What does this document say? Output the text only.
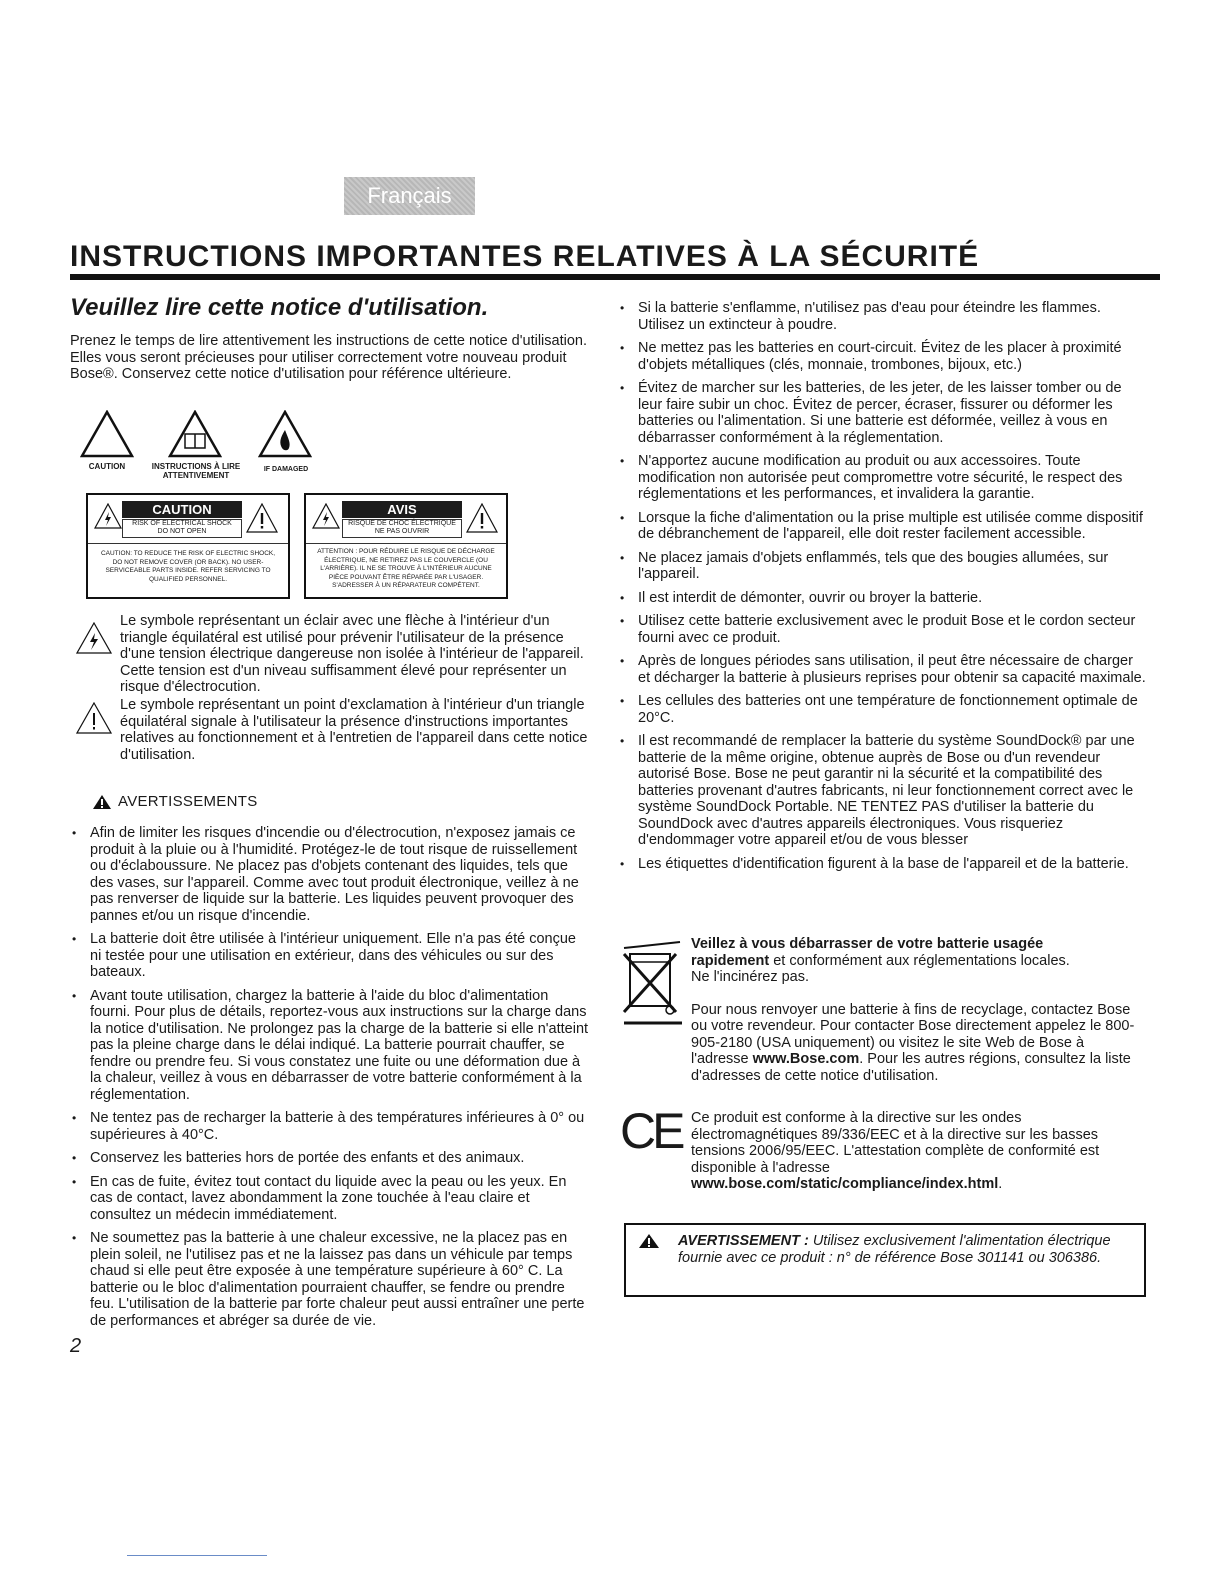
Français
INSTRUCTIONS IMPORTANTES RELATIVES À LA SÉCURITÉ
Veuillez lire cette notice d'utilisation.

Prenez le temps de lire attentivement les instructions de cette notice d'utilisation. Elles vous seront précieuses pour utiliser correctement votre nouveau produit Bose®. Conservez cette notice d'utilisation pour référence ultérieure.

CAUTION	INSTRUCTIONS À LIRE
ATTENTIVEMENT
IF DAMAGED
CAUTION
RISK OF ELECTRICAL SHOCK
DO NOT OPEN
CAUTION: TO REDUCE THE RISK OF ELECTRIC SHOCK, DO NOT REMOVE COVER (OR BACK). NO USER-SERVICEABLE PARTS INSIDE. REFER SERVICING TO QUALIFIED PERSONNEL.
AVIS
RISQUE DE CHOC ÉLECTRIQUE
NE PAS OUVRIR
ATTENTION : POUR RÉDUIRE LE RISQUE DE DÉCHARGE ÉLECTRIQUE, NE RETIREZ PAS LE COUVERCLE (OU L'ARRIÈRE). IL NE SE TROUVE À L'INTÉRIEUR AUCUNE PIÈCE POUVANT ÊTRE RÉPARÉE PAR L'USAGER. S'ADRESSER À UN RÉPARATEUR COMPÉTENT.

Le symbole représentant un éclair avec une flèche à l'intérieur d'un triangle équilatéral est utilisé pour prévenir l'utilisateur de la présence d'une tension électrique dangereuse non isolée à l'intérieur de l'appareil. Cette tension est d'un niveau suffisamment élevé pour représenter un risque d'électrocution.

Le symbole représentant un point d'exclamation à l'intérieur d'un triangle équilatéral signale à l'utilisateur la présence d'instructions importantes relatives au fonctionnement et à l'entretien de l'appareil dans cette notice d'utilisation.

AVERTISSEMENTS
• Afin de limiter les risques d'incendie ou d'électrocution, n'exposez jamais ce produit à la pluie ou à l'humidité. Protégez-le de tout risque de ruissellement ou d'éclaboussure. Ne placez pas d'objets contenant des liquides, tels que des vases, sur l'appareil. Comme avec tout produit électronique, veillez à ne pas renverser de liquide sur la batterie. Les liquides peuvent provoquer des pannes et/ou un risque d'incendie.
• La batterie doit être utilisée à l'intérieur uniquement. Elle n'a pas été conçue ni testée pour une utilisation en extérieur, dans des véhicules ou sur des bateaux.
• Avant toute utilisation, chargez la batterie à l'aide du bloc d'alimentation fourni. Pour plus de détails, reportez-vous aux instructions sur la charge dans la notice d'utilisation. Ne prolongez pas la charge de la batterie si elle n'atteint pas la pleine charge dans le délai indiqué. La batterie pourrait chauffer, se fendre ou prendre feu. Si vous constatez une fuite ou une déformation due à la chaleur, veillez à vous en débarrasser de votre batterie conformément à la réglementation.
• Ne tentez pas de recharger la batterie à des températures inférieures à 0° ou supérieures à 40°C.
• Conservez les batteries hors de portée des enfants et des animaux.
• En cas de fuite, évitez tout contact du liquide avec la peau ou les yeux. En cas de contact, lavez abondamment la zone touchée à l'eau claire et consultez un médecin immédiatement.
• Ne soumettez pas la batterie à une chaleur excessive, ne la placez pas en plein soleil, ne l'utilisez pas et ne la laissez pas dans un véhicule par temps chaud si elle peut être exposée à une température supérieure à 60° C. La batterie ou le bloc d'alimentation pourraient chauffer, se fendre ou prendre feu. L'utilisation de la batterie par forte chaleur peut aussi entraîner une perte de performances et abréger sa durée de vie.
• Si la batterie s'enflamme, n'utilisez pas d'eau pour éteindre les flammes. Utilisez un extincteur à poudre.
• Ne mettez pas les batteries en court-circuit. Évitez de les placer à proximité d'objets métalliques (clés, monnaie, trombones, bijoux, etc.)
• Évitez de marcher sur les batteries, de les jeter, de les laisser tomber ou de leur faire subir un choc. Évitez de percer, écraser, fissurer ou déformer les batteries ou l'alimentation. Si une batterie est déformée, veillez à vous en débarrasser conformément à la réglementation.
• N'apportez aucune modification au produit ou aux accessoires. Toute modification non autorisée peut compromettre votre sécurité, le respect des réglementations et les performances, et invalidera la garantie.
• Lorsque la fiche d'alimentation ou la prise multiple est utilisée comme dispositif de débranchement de l'appareil, elle doit rester facilement accessible.
• Ne placez jamais d'objets enflammés, tels que des bougies allumées, sur l'appareil.
• Il est interdit de démonter, ouvrir ou broyer la batterie.
• Utilisez cette batterie exclusivement avec le produit Bose et le cordon secteur fourni avec ce produit.
• Après de longues périodes sans utilisation, il peut être nécessaire de charger et décharger la batterie à plusieurs reprises pour obtenir sa capacité maximale.
• Les cellules des batteries ont une température de fonctionnement optimale de 20°C.
• Il est recommandé de remplacer la batterie du système SoundDock® par une batterie de la même origine, obtenue auprès de Bose ou d'un revendeur autorisé Bose. Bose ne peut garantir ni la sécurité et la compatibilité des batteries provenant d'autres fabricants, ni leur fonctionnement correct avec le système SoundDock Portable. NE TENTEZ PAS d'utiliser la batterie du SoundDock avec d'autres appareils électroniques. Vous risqueriez d'endommager votre appareil et/ou de vous blesser
• Les étiquettes d'identification figurent à la base de l'appareil et de la batterie.

Veillez à vous débarrasser de votre batterie usagée
rapidement et conformément aux réglementations locales.
Ne l'incinérez pas.

Pour nous renvoyer une batterie à fins de recyclage, contactez Bose ou votre revendeur. Pour contacter Bose directement appelez le 800-905-2180 (USA uniquement) ou visitez le site Web de Bose à l'adresse www.Bose.com. Pour les autres régions, consultez la liste d'adresses de cette notice d'utilisation.

CE Ce produit est conforme à la directive sur les ondes électromagnétiques 89/336/EEC et à la directive sur les basses tensions 2006/95/EEC. L'attestation complète de conformité est disponible à l'adresse

www.bose.com/static/compliance/index.html.

AVERTISSEMENT : Utilisez exclusivement l'alimentation électrique fournie avec ce produit : n° de référence Bose 301141 ou 306386.

2
